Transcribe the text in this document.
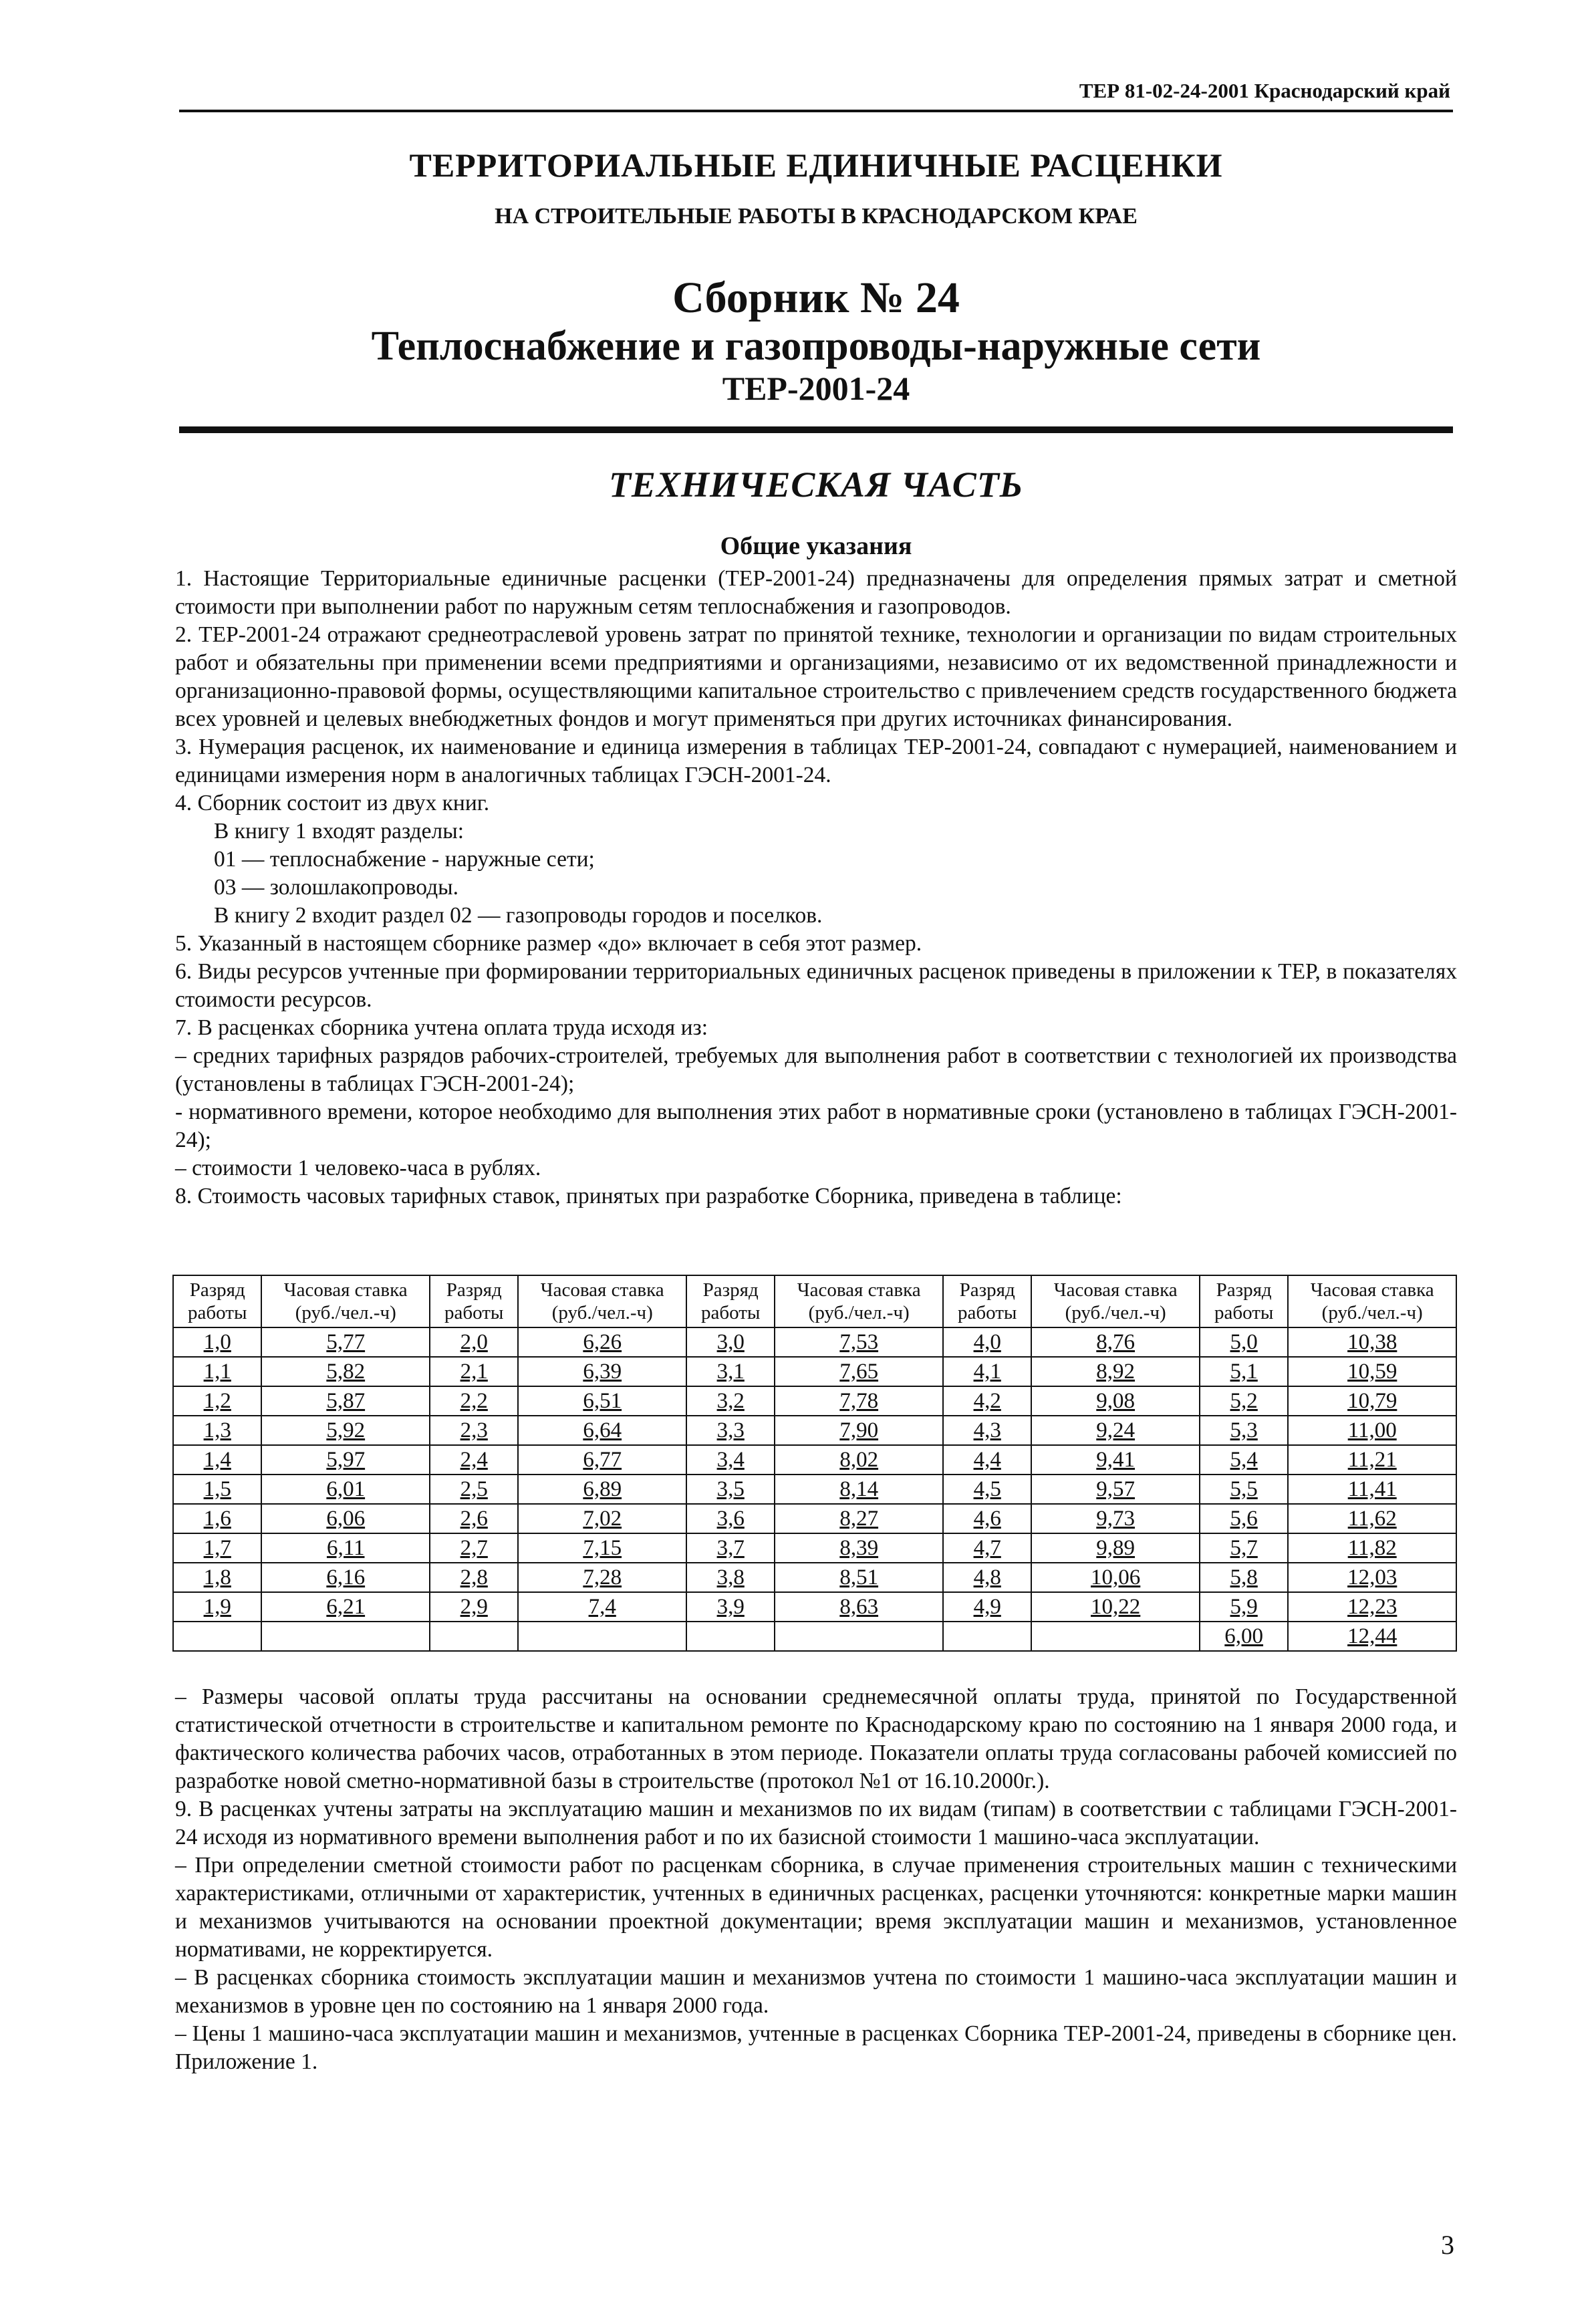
ТЕР 81-02-24-2001 Краснодарский край
ТЕРРИТОРИАЛЬНЫЕ ЕДИНИЧНЫЕ РАСЦЕНКИ
НА СТРОИТЕЛЬНЫЕ РАБОТЫ В КРАСНОДАРСКОМ КРАЕ
Сборник № 24
Теплоснабжение и газопроводы-наружные сети
ТЕР-2001-24
ТЕХНИЧЕСКАЯ ЧАСТЬ
Общие указания

1. Настоящие Территориальные единичные расценки (ТЕР-2001-24) предназначены для определения прямых затрат и сметной стоимости при выполнении работ по наружным сетям теплоснабжения и газопроводов.

2. ТЕР-2001-24 отражают среднеотраслевой уровень затрат по принятой технике, технологии и организации по видам строительных работ и обязательны при применении всеми предприятиями и организациями, независимо от их ведомственной принадлежности и организационно-правовой формы, осуществляющими капитальное строительство с привлечением средств государственного бюджета всех уровней и целевых внебюджетных фондов и могут применяться при других источниках финансирования.

3. Нумерация расценок, их наименование и единица измерения в таблицах ТЕР-2001-24, совпадают с нумерацией, наименованием и единицами измерения норм в аналогичных таблицах ГЭСН-2001-24.

4. Сборник состоит из двух книг.

В книгу 1 входят разделы:

01 — теплоснабжение - наружные сети;

03 — золошлакопроводы.

В книгу 2 входит раздел 02 — газопроводы городов и поселков.

5. Указанный в настоящем сборнике размер «до» включает в себя этот размер.

6. Виды ресурсов учтенные при формировании территориальных единичных расценок приведены в приложении к ТЕР, в показателях стоимости ресурсов.

7. В расценках сборника учтена оплата труда исходя из:

– средних тарифных разрядов рабочих-строителей, требуемых для выполнения работ в соответствии с технологией их производства (установлены в таблицах ГЭСН-2001-24);

- нормативного времени, которое необходимо для выполнения этих работ в нормативные сроки (установлено в таблицах ГЭСН-2001-24);

– стоимости 1 человеко-часа в рублях.

8. Стоимость часовых тарифных ставок, принятых при разработке Сборника, приведена в таблице:

Разряд работы	Часовая ставка (руб./чел.-ч)	Разряд работы	Часовая ставка (руб./чел.-ч)	Разряд работы	Часовая ставка (руб./чел.-ч)	Разряд работы	Часовая ставка (руб./чел.-ч)	Разряд работы	Часовая ставка (руб./чел.-ч)
1,0	5,77	2,0	6,26	3,0	7,53	4,0	8,76	5,0	10,38
1,1	5,82	2,1	6,39	3,1	7,65	4,1	8,92	5,1	10,59
1,2	5,87	2,2	6,51	3,2	7,78	4,2	9,08	5,2	10,79
1,3	5,92	2,3	6,64	3,3	7,90	4,3	9,24	5,3	11,00
1,4	5,97	2,4	6,77	3,4	8,02	4,4	9,41	5,4	11,21
1,5	6,01	2,5	6,89	3,5	8,14	4,5	9,57	5,5	11,41
1,6	6,06	2,6	7,02	3,6	8,27	4,6	9,73	5,6	11,62
1,7	6,11	2,7	7,15	3,7	8,39	4,7	9,89	5,7	11,82
1,8	6,16	2,8	7,28	3,8	8,51	4,8	10,06	5,8	12,03
1,9	6,21	2,9	7,4	3,9	8,63	4,9	10,22	5,9	12,23
								6,00	12,44

– Размеры часовой оплаты труда рассчитаны на основании среднемесячной оплаты труда, принятой по Государственной статистической отчетности в строительстве и капитальном ремонте по Краснодарскому краю по состоянию на 1 января 2000 года, и фактического количества рабочих часов, отработанных в этом периоде. Показатели оплаты труда согласованы рабочей комиссией по разработке новой сметно-нормативной базы в строительстве (протокол №1 от 16.10.2000г.).

9. В расценках учтены затраты на эксплуатацию машин и механизмов по их видам (типам) в соответствии с таблицами ГЭСН-2001-24 исходя из нормативного времени выполнения работ и по их базисной стоимости 1 машино-часа эксплуатации.

– При определении сметной стоимости работ по расценкам сборника, в случае применения строительных машин с техническими характеристиками, отличными от характеристик, учтенных в единичных расценках, расценки уточняются: конкретные марки машин и механизмов учитываются на основании проектной документации; время эксплуатации машин и механизмов, установленное нормативами, не корректируется.

– В расценках сборника стоимость эксплуатации машин и механизмов учтена по стоимости 1 машино-часа эксплуатации машин и механизмов в уровне цен по состоянию на 1 января 2000 года.

– Цены 1 машино-часа эксплуатации машин и механизмов, учтенные в расценках Сборника ТЕР-2001-24, приведены в сборнике цен. Приложение 1.

3
